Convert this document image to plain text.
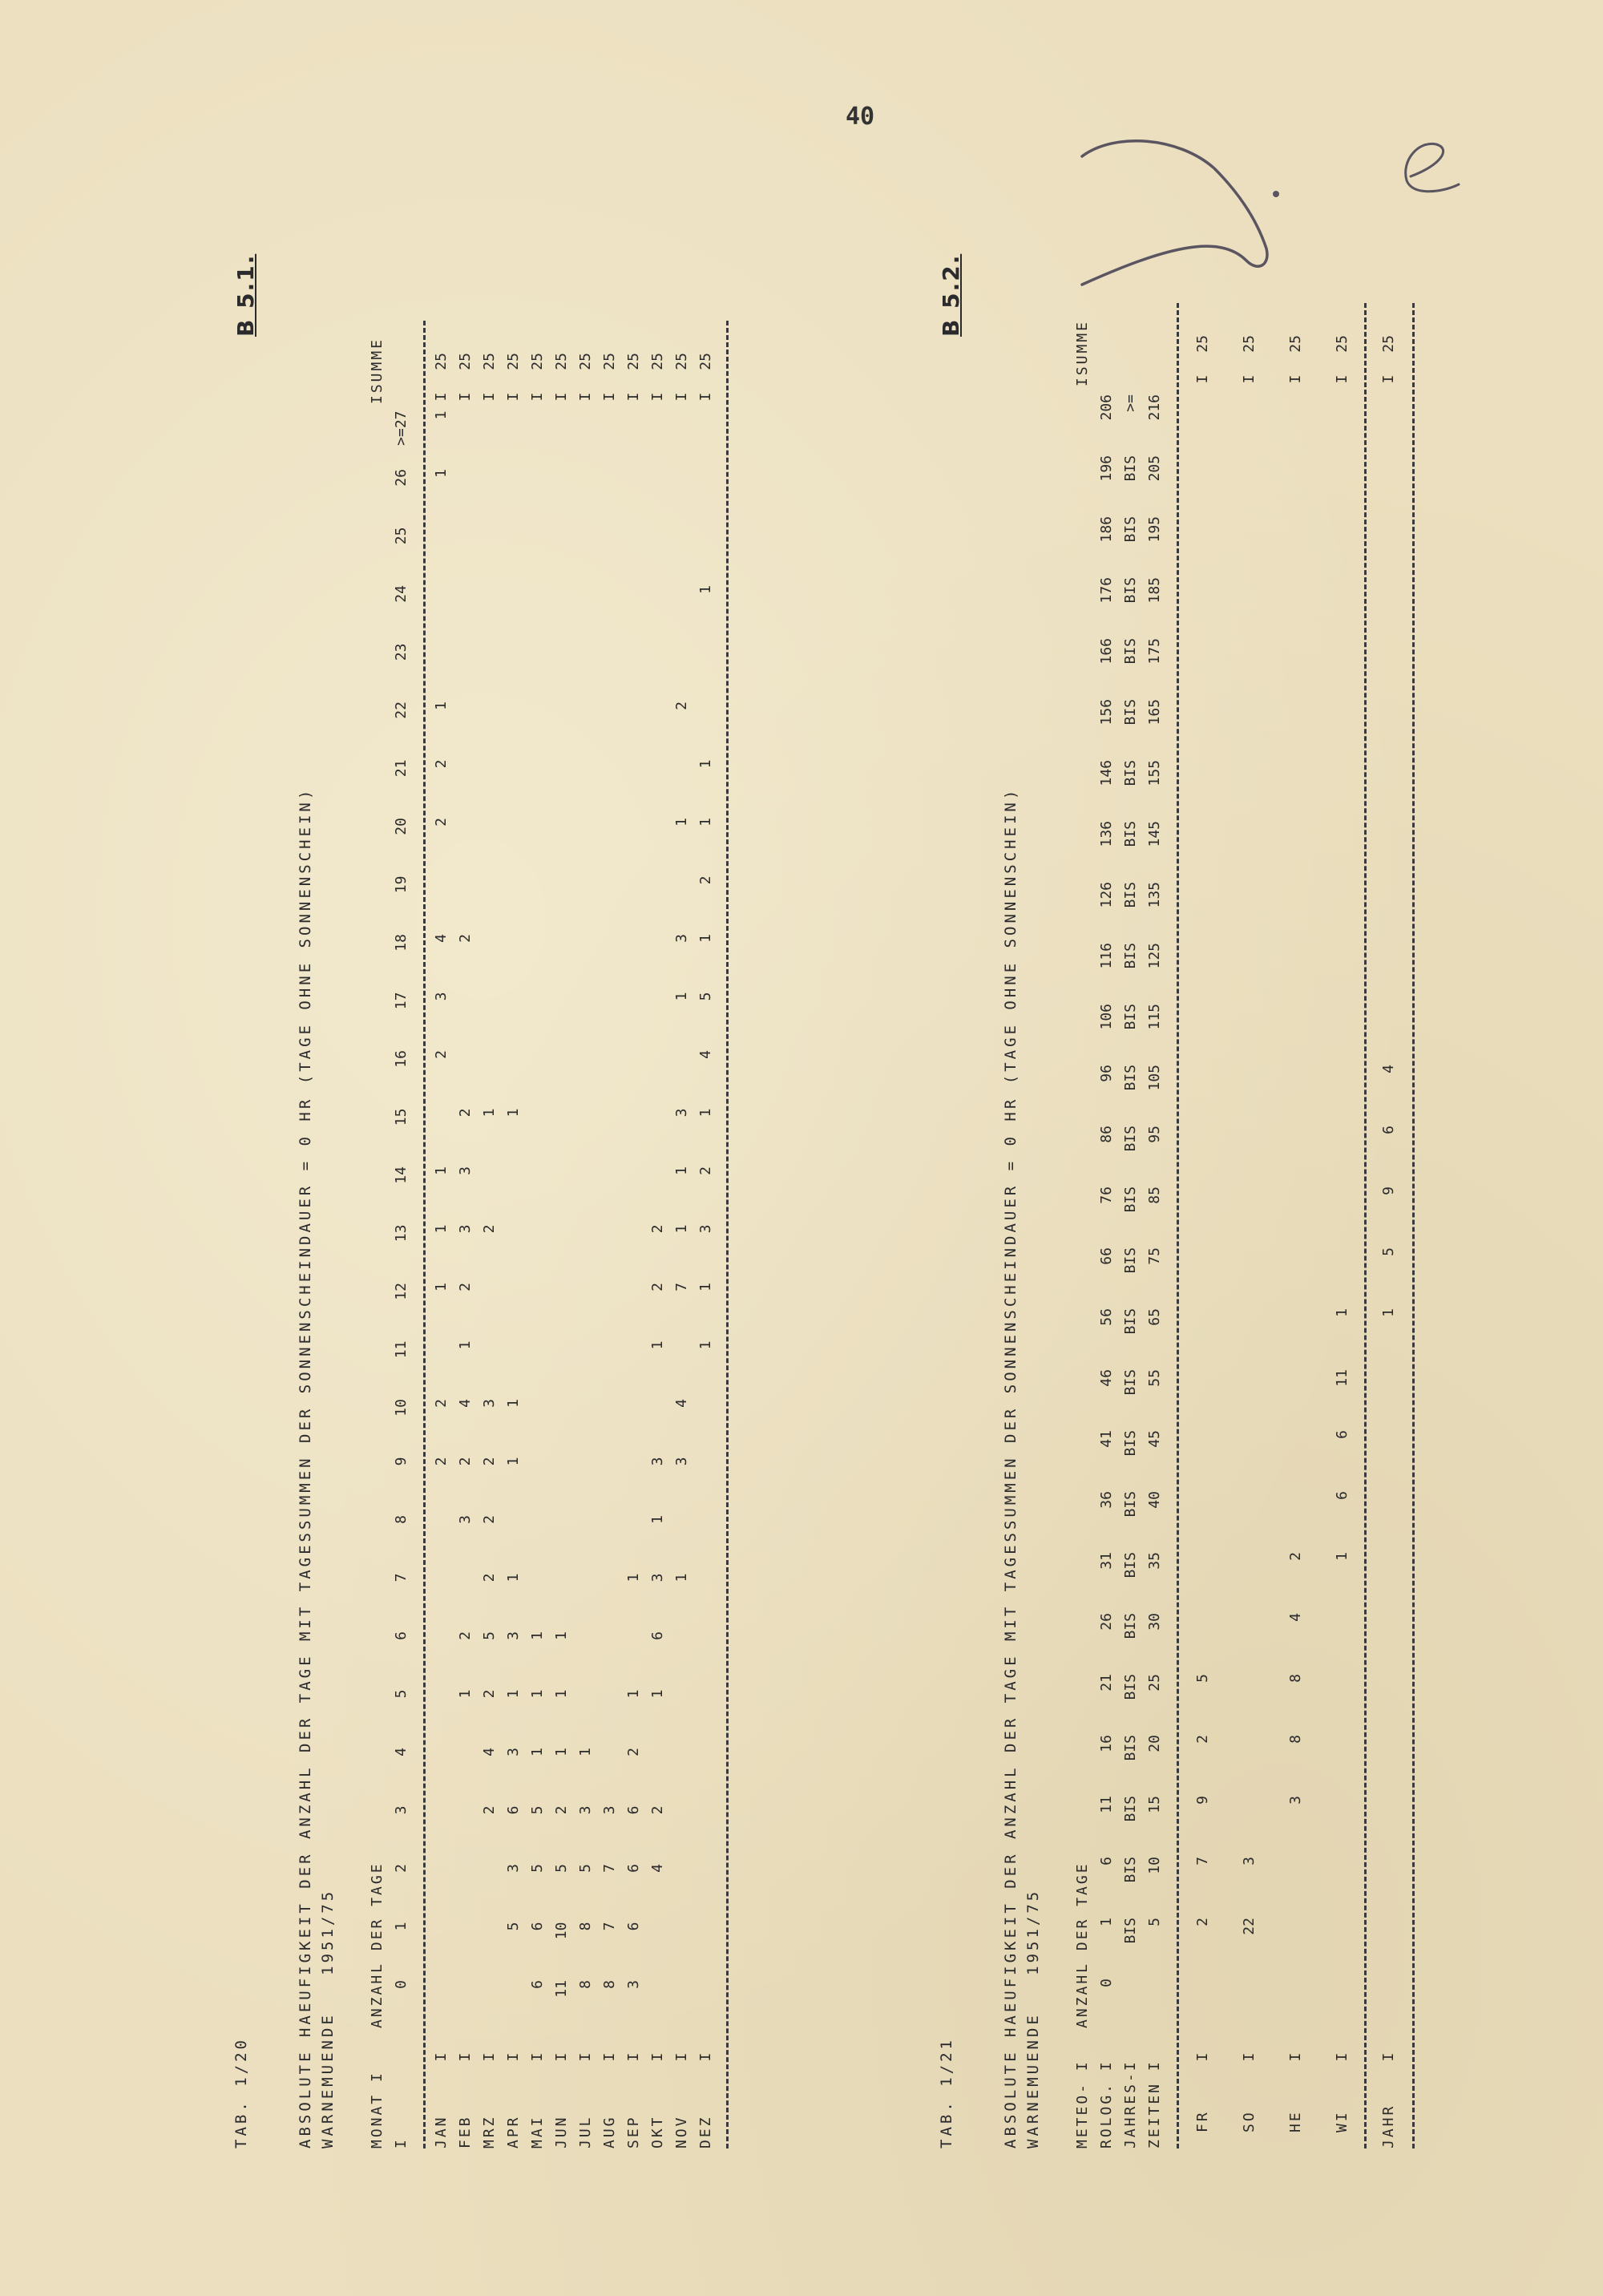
40
TAB. 1/20
B 5.1.
ABSOLUTE HAEUFIGKEIT DER ANZAHL DER TAGE MIT TAGESSUMMEN DER SONNENSCHEINDAUER = 0 HR (TAGE OHNE SONNENSCHEIN) WARNEMUENDE   1951/75 MONAT I
ANZAHL DER TAGE
I
0
1
2
3
4
5
6
7
8
9
10
11
12
13
14
15
16
17
18
19
20
21
22
23
24
25
26
>=27
ISUMME
JAN
I
2
2
1
1
1
2
3
4
2
2
1
1
1
I
25
FEB
I
1
2
3
2
4
1
2
3
3
2
2
I
25
MRZ
I
2
4
2
5
2
2
2
3
2
1
I
25
APR
I
5
3
6
3
1
3
1
1
1
1
I
25
MAI
I
6
6
5
5
1
1
1
I
25
JUN
I
11
10
5
2
1
1
1
I
25
JUL
I
8
8
5
3
1
I
25
AUG
I
8
7
7
3
I
25
SEP
I
3
6
6
6
2
1
1
I
25
OKT
I
4
2
1
6
3
1
3
1
2
2
I
25
NOV
I
1
3
4
7
1
1
3
1
3
1
2
I
25
DEZ
I
1
1
3
2
1
4
5
1
2
1
1
1
I
25
TAB. 1/21
B 5.2.
ABSOLUTE HAEUFIGKEIT DER ANZAHL DER TAGE MIT TAGESSUMMEN DER SONNENSCHEINDAUER = 0 HR (TAGE OHNE SONNENSCHEIN) WARNEMUENDE   1951/75 METEO- I ROLOG. I JAHRES-I ZEITEN I
ANZAHL DER TAGE
ISUMME
0
1
6
11
16
21
26
31
36
41
46
56
66
76
86
96
106
116
126
136
146
156
166
176
186
196
206
BIS
BIS
BIS
BIS
BIS
BIS
BIS
BIS
BIS
BIS
BIS
BIS
BIS
BIS
BIS
BIS
BIS
BIS
BIS
BIS
BIS
BIS
BIS
BIS
BIS
>=
5
10
15
20
25
30
35
40
45
55
65
75
85
95
105
115
125
135
145
155
165
175
185
195
205
216
FR
I
2
7
9
2
5
I
25
SO
I
22
3
I
25
HE
I
3
8
8
4
2
I
25
WI
I
1
6
6
11
1
I
25
JAHR
I
1
5
9
6
4
I
25
